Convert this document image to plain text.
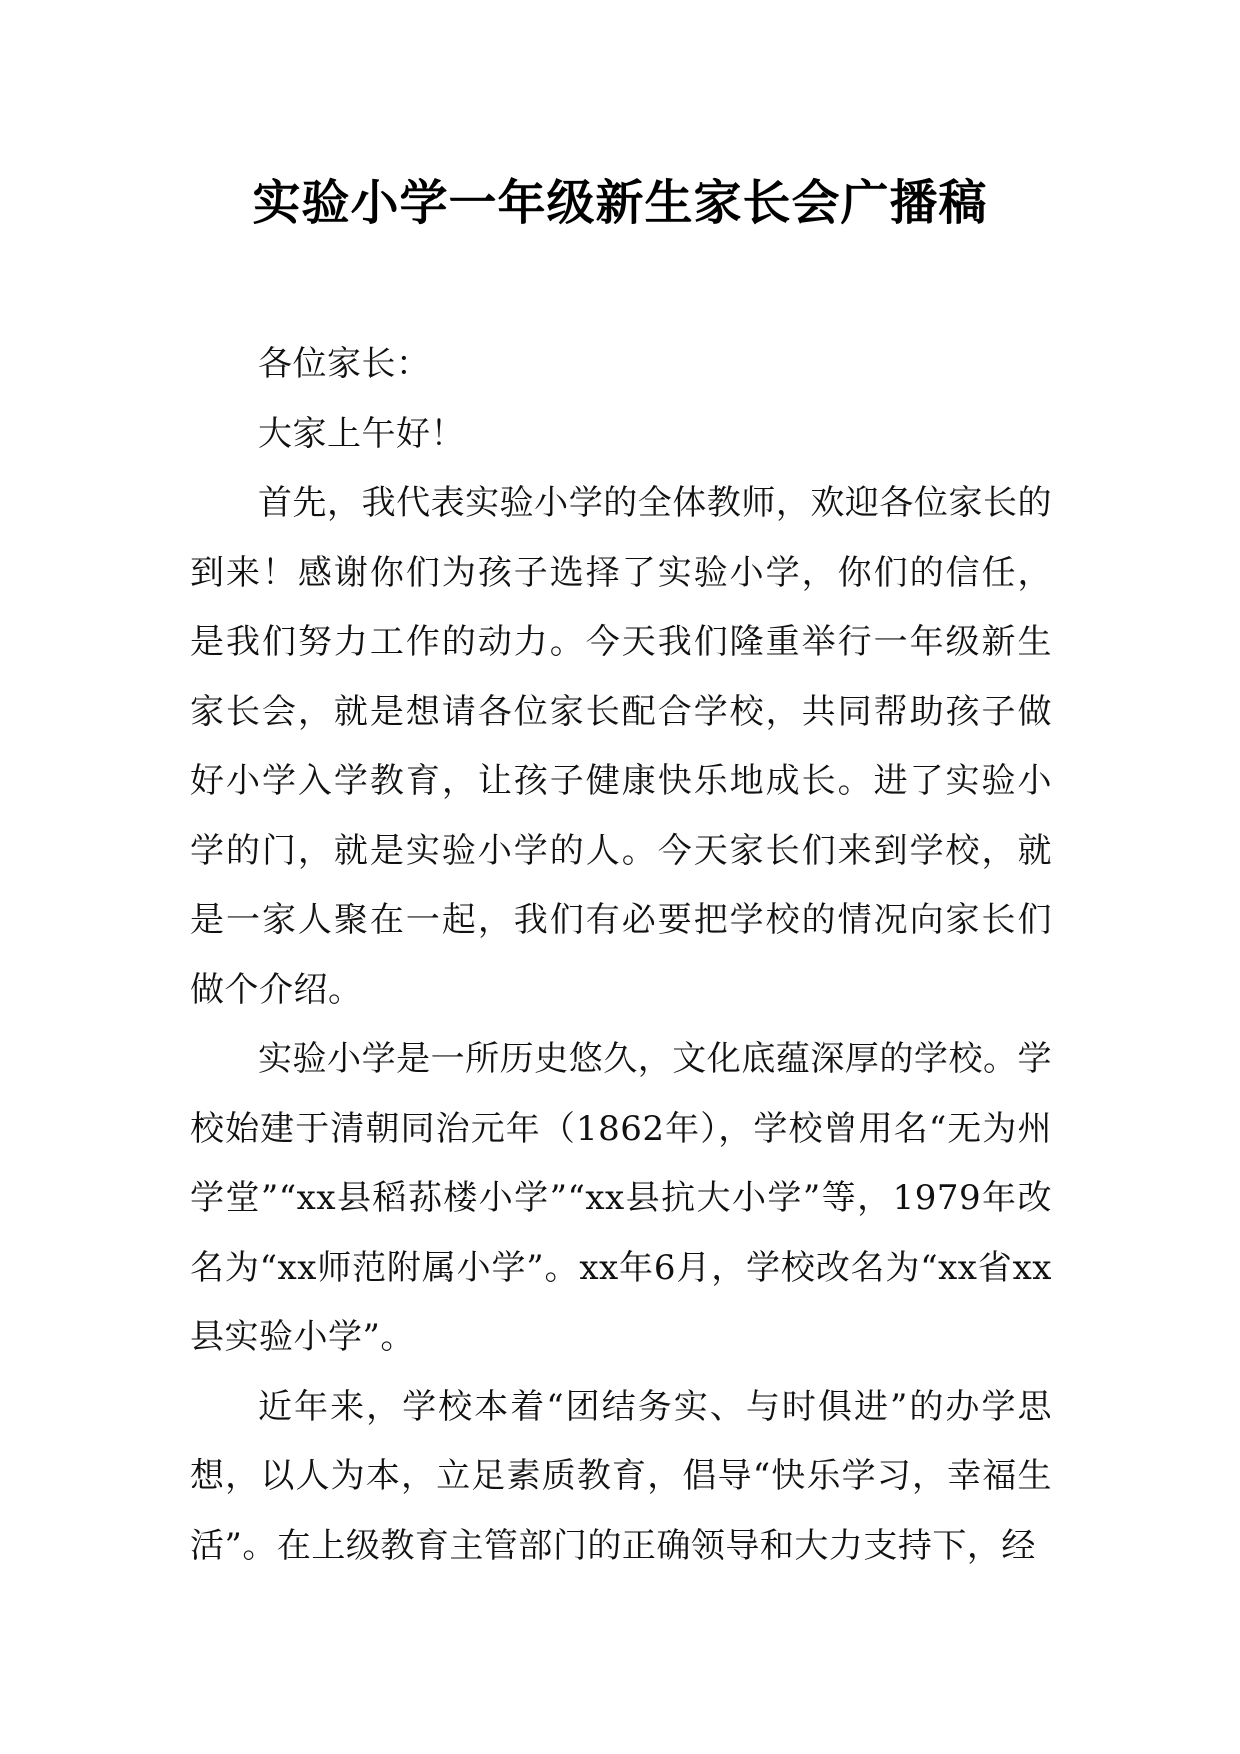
实验小学一年级新生家长会广播稿

各位家长：

大家上午好！

首先，我代表实验小学的全体教师，欢迎各位家长的到来！感谢你们为孩子选择了实验小学，你们的信任，是我们努力工作的动力。今天我们隆重举行一年级新生家长会，就是想请各位家长配合学校，共同帮助孩子做好小学入学教育，让孩子健康快乐地成长。进了实验小学的门，就是实验小学的人。今天家长们来到学校，就是一家人聚在一起，我们有必要把学校的情况向家长们做个介绍。

实验小学是一所历史悠久，文化底蕴深厚的学校。学校始建于清朝同治元年（1862年），学校曾用名“无为州学堂”“xx县稻荪楼小学”“xx县抗大小学”等，1979年改名为“xx师范附属小学”。xx年6月，学校改名为“xx省xx县实验小学”。

近年来，学校本着“团结务实、与时俱进”的办学思想，以人为本，立足素质教育，倡导“快乐学习，幸福生活”。在上级教育主管部门的正确领导和大力支持下，经
